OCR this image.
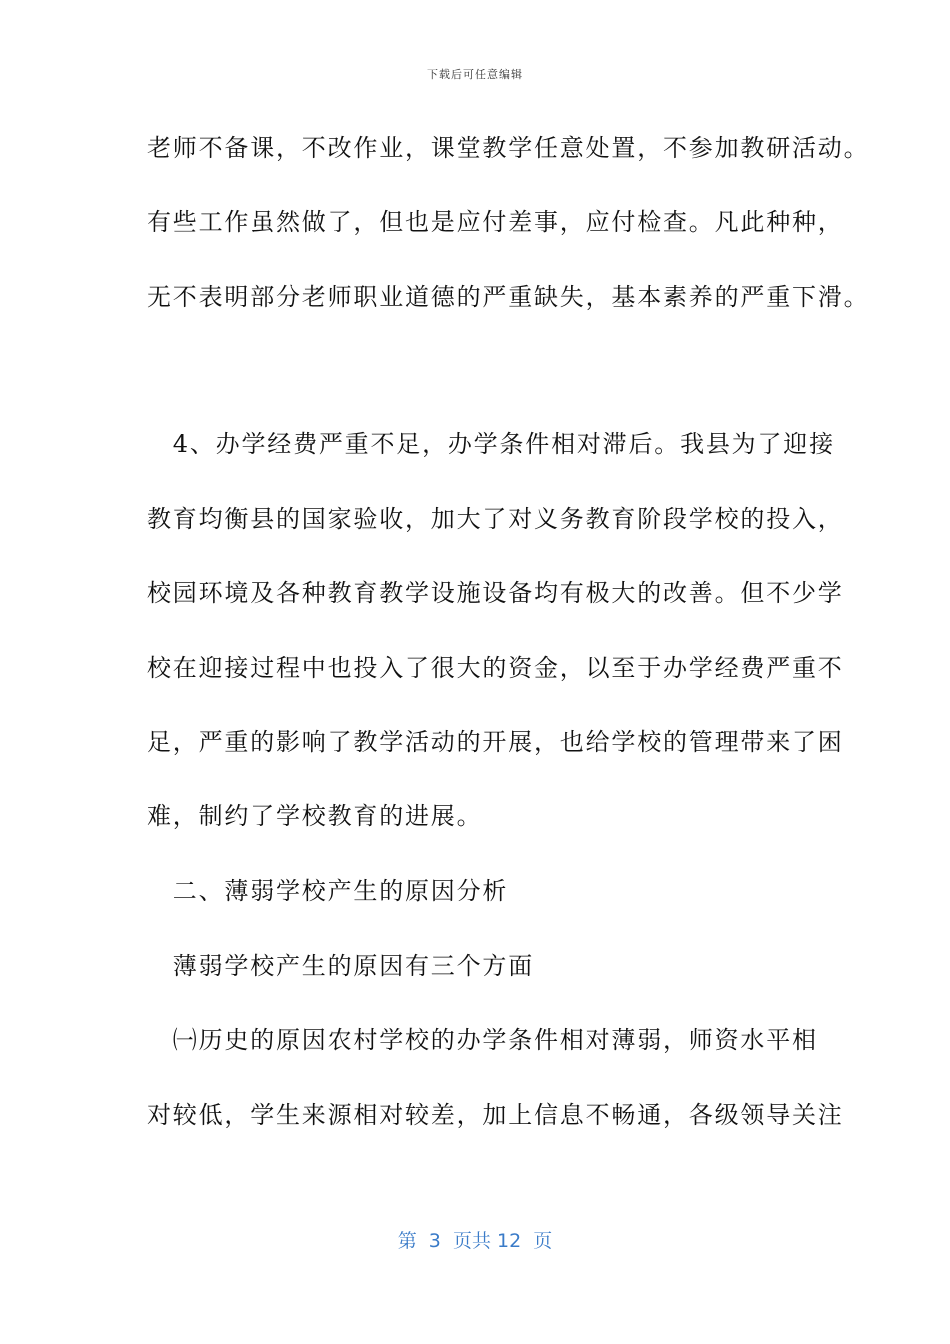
下载后可任意编辑
老师不备课，不改作业，课堂教学任意处置，不参加教研活动。
有些工作虽然做了，但也是应付差事，应付检查。凡此种种，
无不表明部分老师职业道德的严重缺失，基本素养的严重下滑。
　4、办学经费严重不足，办学条件相对滞后。我县为了迎接
教育均衡县的国家验收，加大了对义务教育阶段学校的投入，
校园环境及各种教育教学设施设备均有极大的改善。但不少学
校在迎接过程中也投入了很大的资金，以至于办学经费严重不
足，严重的影响了教学活动的开展，也给学校的管理带来了困
难，制约了学校教育的进展。
　二、薄弱学校产生的原因分析
　薄弱学校产生的原因有三个方面
　㈠历史的原因农村学校的办学条件相对薄弱，师资水平相
对较低，学生来源相对较差，加上信息不畅通，各级领导关注
第  3  页共 12  页
